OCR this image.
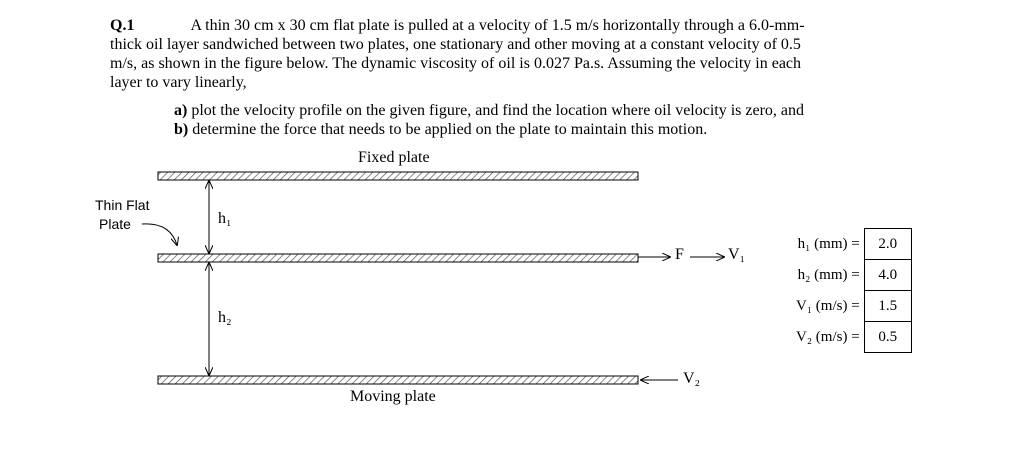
Q.1	A thin 30 cm x 30 cm flat plate is pulled at a velocity of 1.5 m/s horizontally through a 6.0-mm-
thick oil layer sandwiched between two plates, one stationary and other moving at a constant velocity of 0.5
m/s, as shown in the figure below. The dynamic viscosity of oil is 0.027 Pa.s. Assuming the velocity in each
layer to vary linearly,

a) plot the velocity profile on the given figure, and find the location where oil velocity is zero, and

b) determine the force that needs to be applied on the plate to maintain this motion.

Fixed plate
Moving plate
Thin Flat
Plate	h₁
h₂
F	V₁
V₂
h₁ (mm) =	2.0
h₂ (mm) =	4.0
V₁ (m/s) =	1.5
V₂ (m/s) =	0.5
